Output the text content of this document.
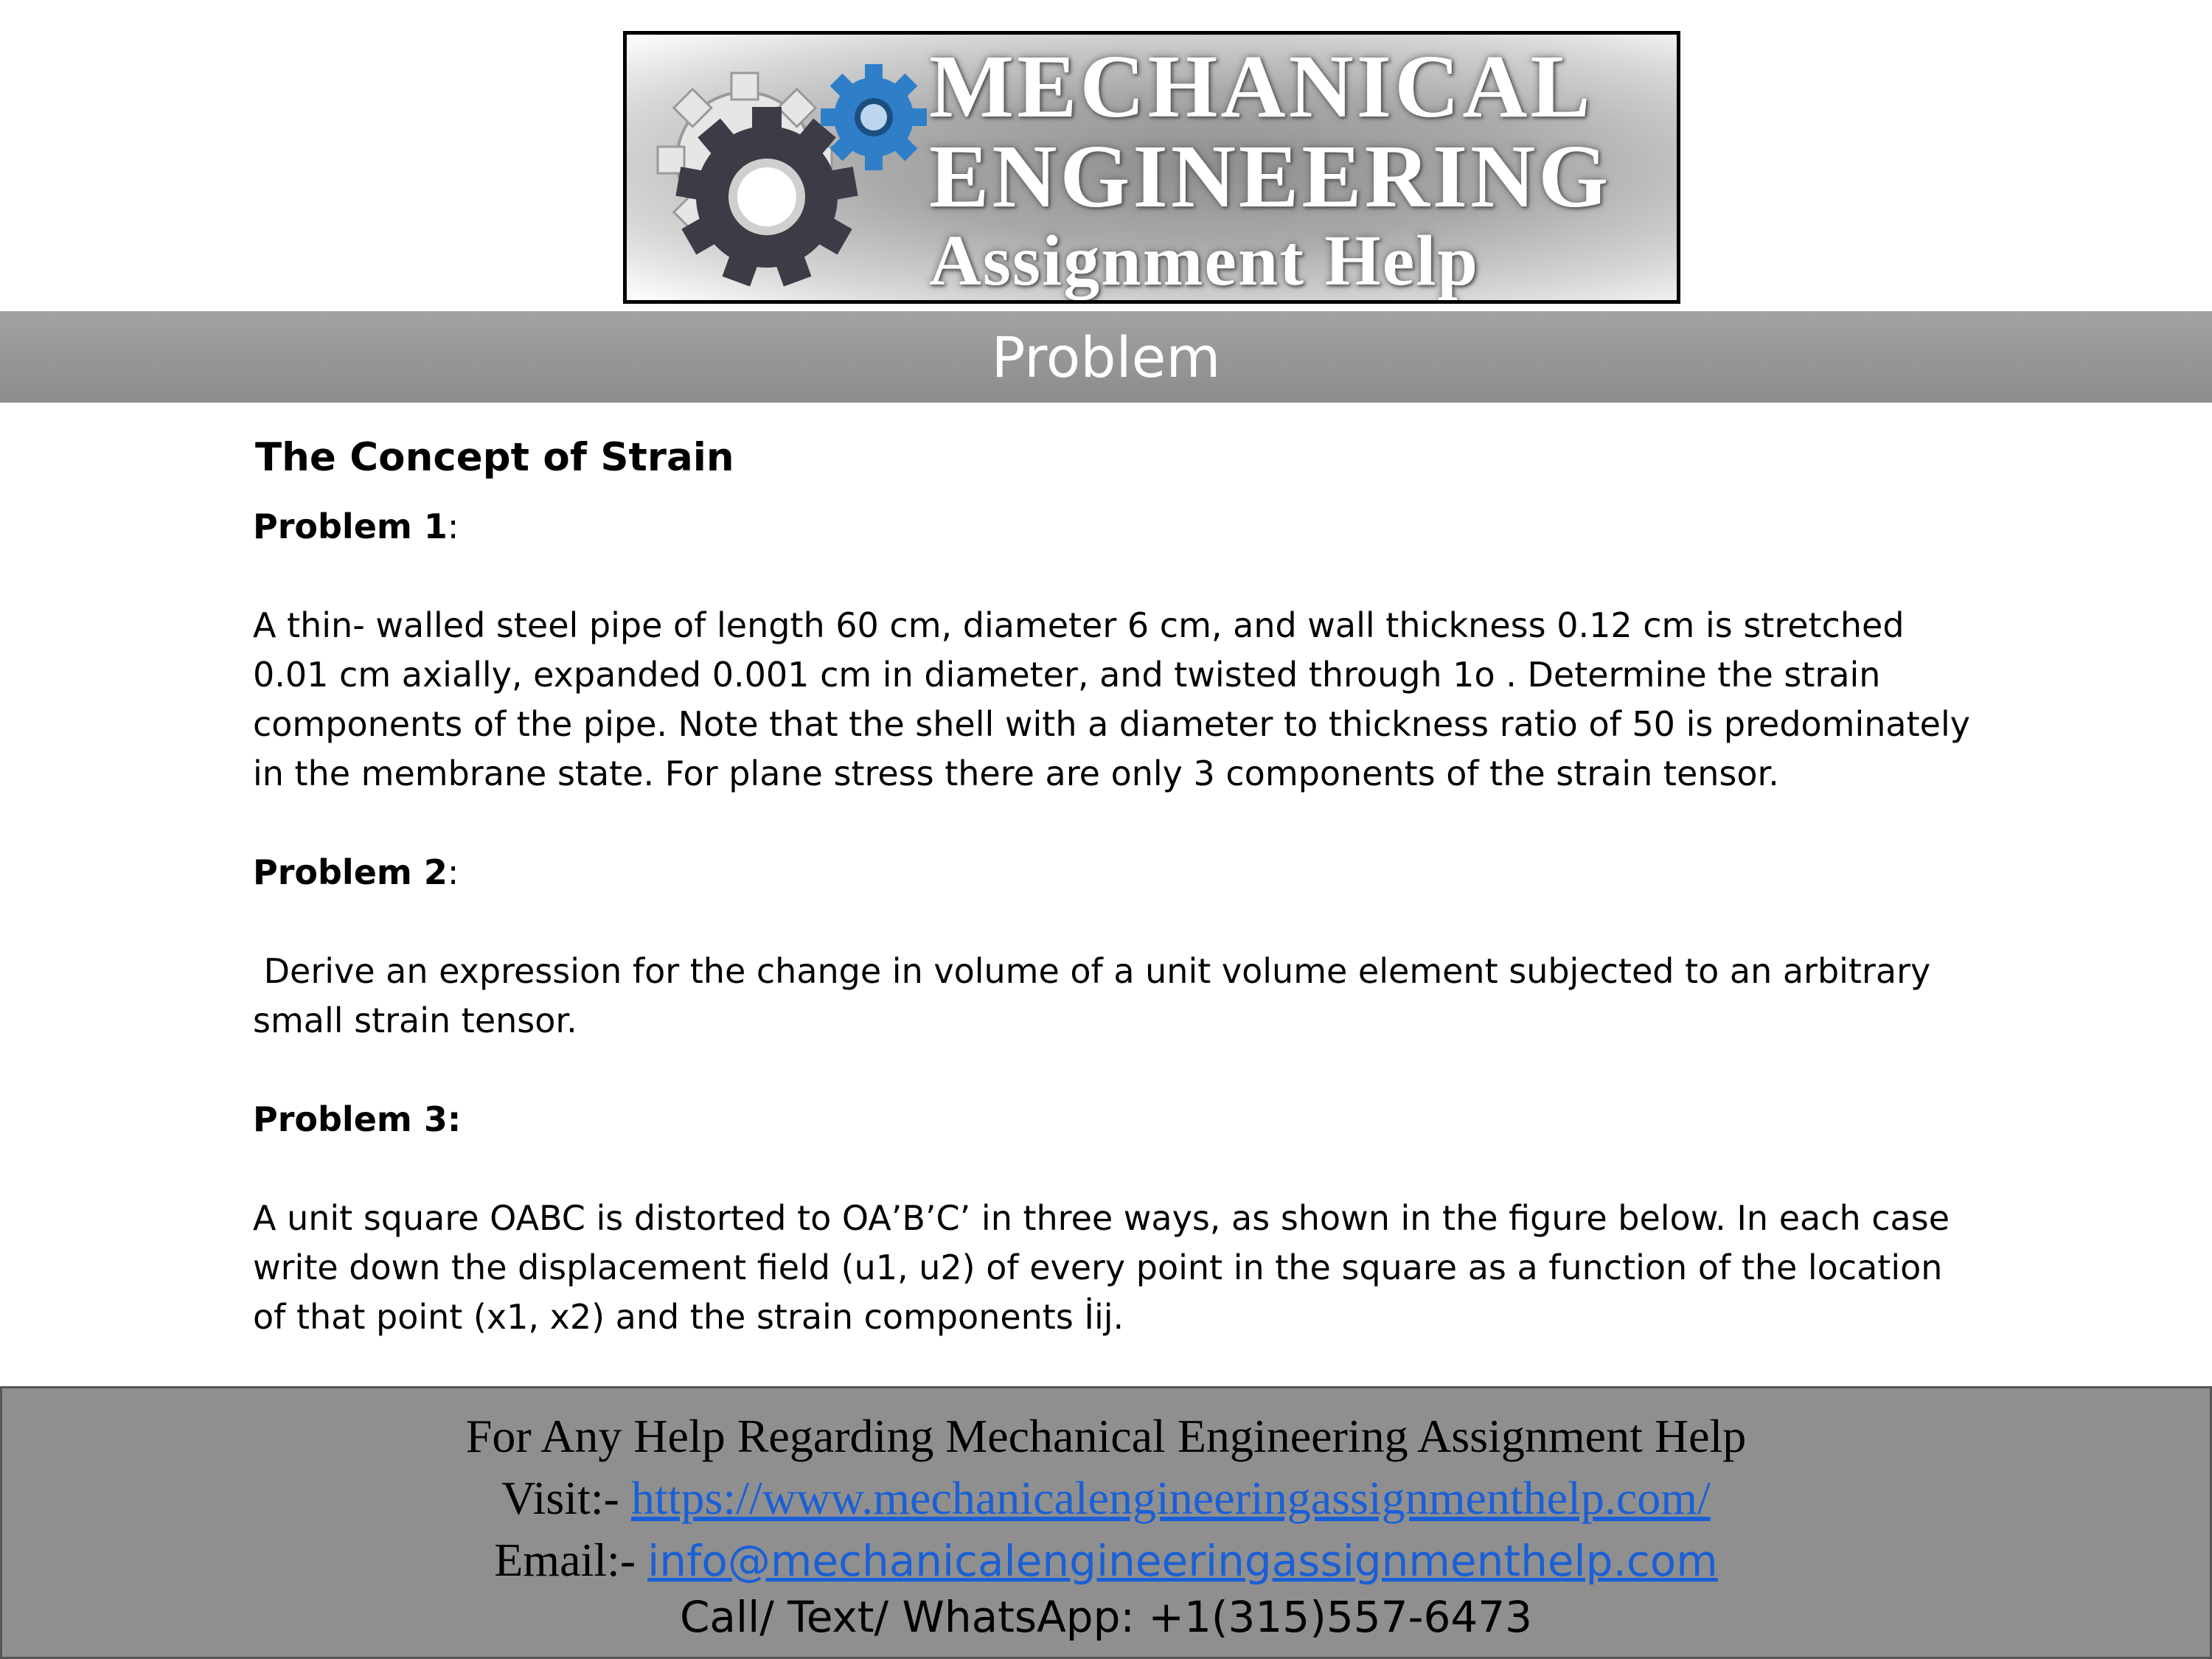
MECHANICAL
ENGINEERING
Assignment Help
Problem
The Concept of Strain
Problem 1:
A thin- walled steel pipe of length 60 cm, diameter 6 cm, and wall thickness 0.12 cm is stretched 0.01 cm axially, expanded 0.001 cm in diameter, and twisted through 1o . Determine the strain components of the pipe. Note that the shell with a diameter to thickness ratio of 50 is predominately in the membrane state. For plane stress there are only 3 components of the strain tensor.
Problem 2:
Derive an expression for the change in volume of a unit volume element subjected to an arbitrary small strain tensor.
Problem 3:
A unit square OABC is distorted to OA’B’C’ in three ways, as shown in the figure below. In each case write down the displacement field (u1, u2) of every point in the square as a function of the location of that point (x1, x2) and the strain components İij.
For Any Help Regarding Mechanical Engineering Assignment Help
Visit:- https://www.mechanicalengineeringassignmenthelp.com/
Email:- info@mechanicalengineeringassignmenthelp.com
Call/ Text/ WhatsApp: +1(315)557-6473
